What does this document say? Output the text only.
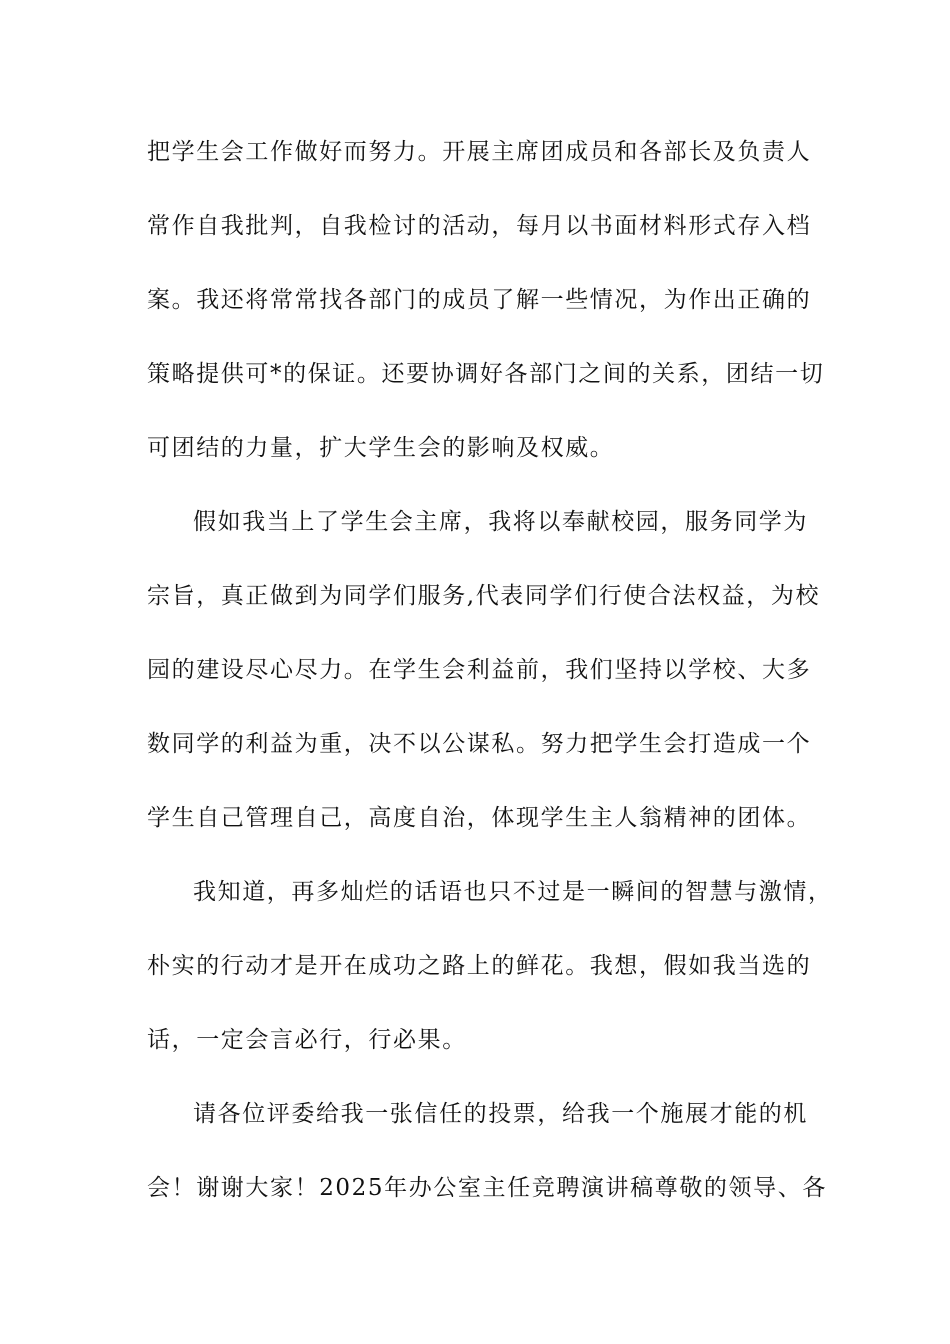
把学生会工作做好而努力。开展主席团成员和各部长及负责人

常作自我批判，自我检讨的活动，每月以书面材料形式存入档

案。我还将常常找各部门的成员了解一些情况，为作出正确的

策略提供可*的保证。还要协调好各部门之间的关系，团结一切

可团结的力量，扩大学生会的影响及权威。

假如我当上了学生会主席，我将以奉献校园，服务同学为

宗旨，真正做到为同学们服务,代表同学们行使合法权益，为校

园的建设尽心尽力。在学生会利益前，我们坚持以学校、大多

数同学的利益为重，决不以公谋私。努力把学生会打造成一个

学生自己管理自己，高度自治，体现学生主人翁精神的团体。

我知道，再多灿烂的话语也只不过是一瞬间的智慧与激情，

朴实的行动才是开在成功之路上的鲜花。我想，假如我当选的

话，一定会言必行，行必果。

请各位评委给我一张信任的投票，给我一个施展才能的机

会！谢谢大家！2025年办公室主任竞聘演讲稿尊敬的领导、各
